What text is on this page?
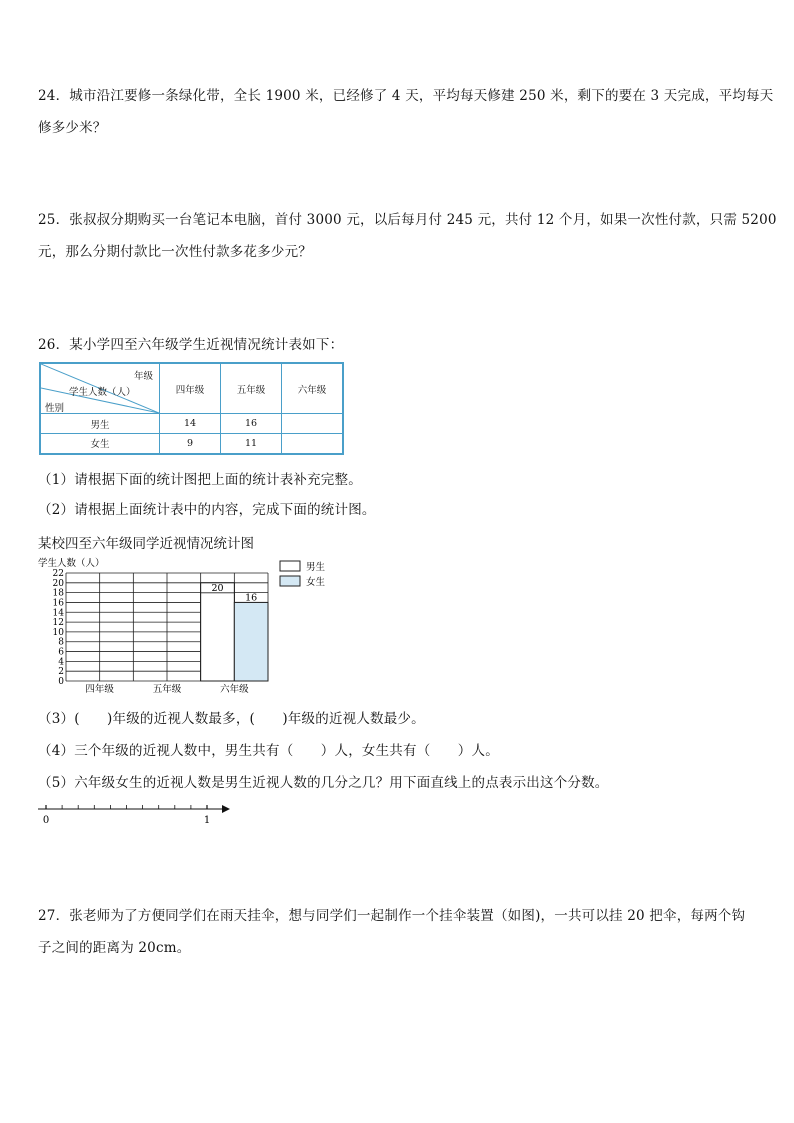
24．城市沿江要修一条绿化带，全长 1900 米，已经修了 4 天，平均每天修建 250 米，剩下的要在 3 天完成，平均每天
修多少米？
25．张叔叔分期购买一台笔记本电脑，首付 3000 元，以后每月付 245 元，共付 12 个月，如果一次性付款，只需 5200
元，那么分期付款比一次性付款多花多少元？
26．某小学四至六年级学生近视情况统计表如下：
年级
学生人数（人）
性别	四年级	五年级	六年级
男生	14	16	
女生	9	11	
（1）请根据下面的统计图把上面的统计表补充完整。
（2）请根据上面统计表中的内容，完成下面的统计图。
某校四至六年级同学近视情况统计图
学生人数（人）
0
2
4
6
8
10
12
14
16
18
20
22
20
16
四年级	五年级	六年级
男生
女生
（3）(　　)年级的近视人数最多，(　　)年级的近视人数最少。
（4）三个年级的近视人数中，男生共有（　　）人，女生共有（　　）人。
（5）六年级女生的近视人数是男生近视人数的几分之几？用下面直线上的点表示出这个分数。
0	1
27．张老师为了方便同学们在雨天挂伞，想与同学们一起制作一个挂伞装置（如图)，一共可以挂 20 把伞，每两个钩
子之间的距离为 20cm。
